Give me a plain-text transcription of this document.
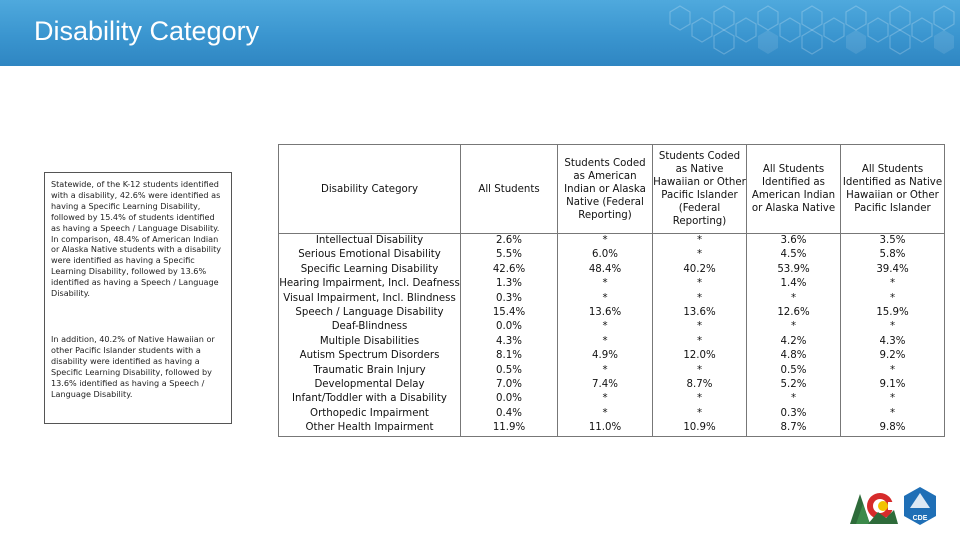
Disability Category

Statewide, of the K-12 students identified with a disability, 42.6% were identified as having a Specific Learning Disability, followed by 15.4% of students identified as having a Speech / Language Disability. In comparison, 48.4% of American Indian or Alaska Native students with a disability were identified as having a Specific Learning Disability, followed by 13.6% identified as having a Speech / Language Disability.

In addition, 40.2% of Native Hawaiian or other Pacific Islander students with a disability were identified as having a Specific Learning Disability, followed by 13.6% identified as having a Speech / Language Disability.

Disability Category	All Students	Students Coded as American Indian or Alaska Native (Federal Reporting)	Students Coded as Native Hawaiian or Other Pacific Islander (Federal Reporting)	All Students Identified as American Indian or Alaska Native	All Students Identified as Native Hawaiian or Other Pacific Islander
Intellectual Disability	2.6%	*	*	3.6%	3.5%
Serious Emotional Disability	5.5%	6.0%	*	4.5%	5.8%
Specific Learning Disability	42.6%	48.4%	40.2%	53.9%	39.4%
Hearing Impairment, Incl. Deafness	1.3%	*	*	1.4%	*
Visual Impairment, Incl. Blindness	0.3%	*	*	*	*
Speech / Language Disability	15.4%	13.6%	13.6%	12.6%	15.9%
Deaf-Blindness	0.0%	*	*	*	*
Multiple Disabilities	4.3%	*	*	4.2%	4.3%
Autism Spectrum Disorders	8.1%	4.9%	12.0%	4.8%	9.2%
Traumatic Brain Injury	0.5%	*	*	0.5%	*
Developmental Delay	7.0%	7.4%	8.7%	5.2%	9.1%
Infant/Toddler with a Disability	0.0%	*	*	*	*
Orthopedic Impairment	0.4%	*	*	0.3%	*
Other Health Impairment	11.9%	11.0%	10.9%	8.7%	9.8%
CDE
